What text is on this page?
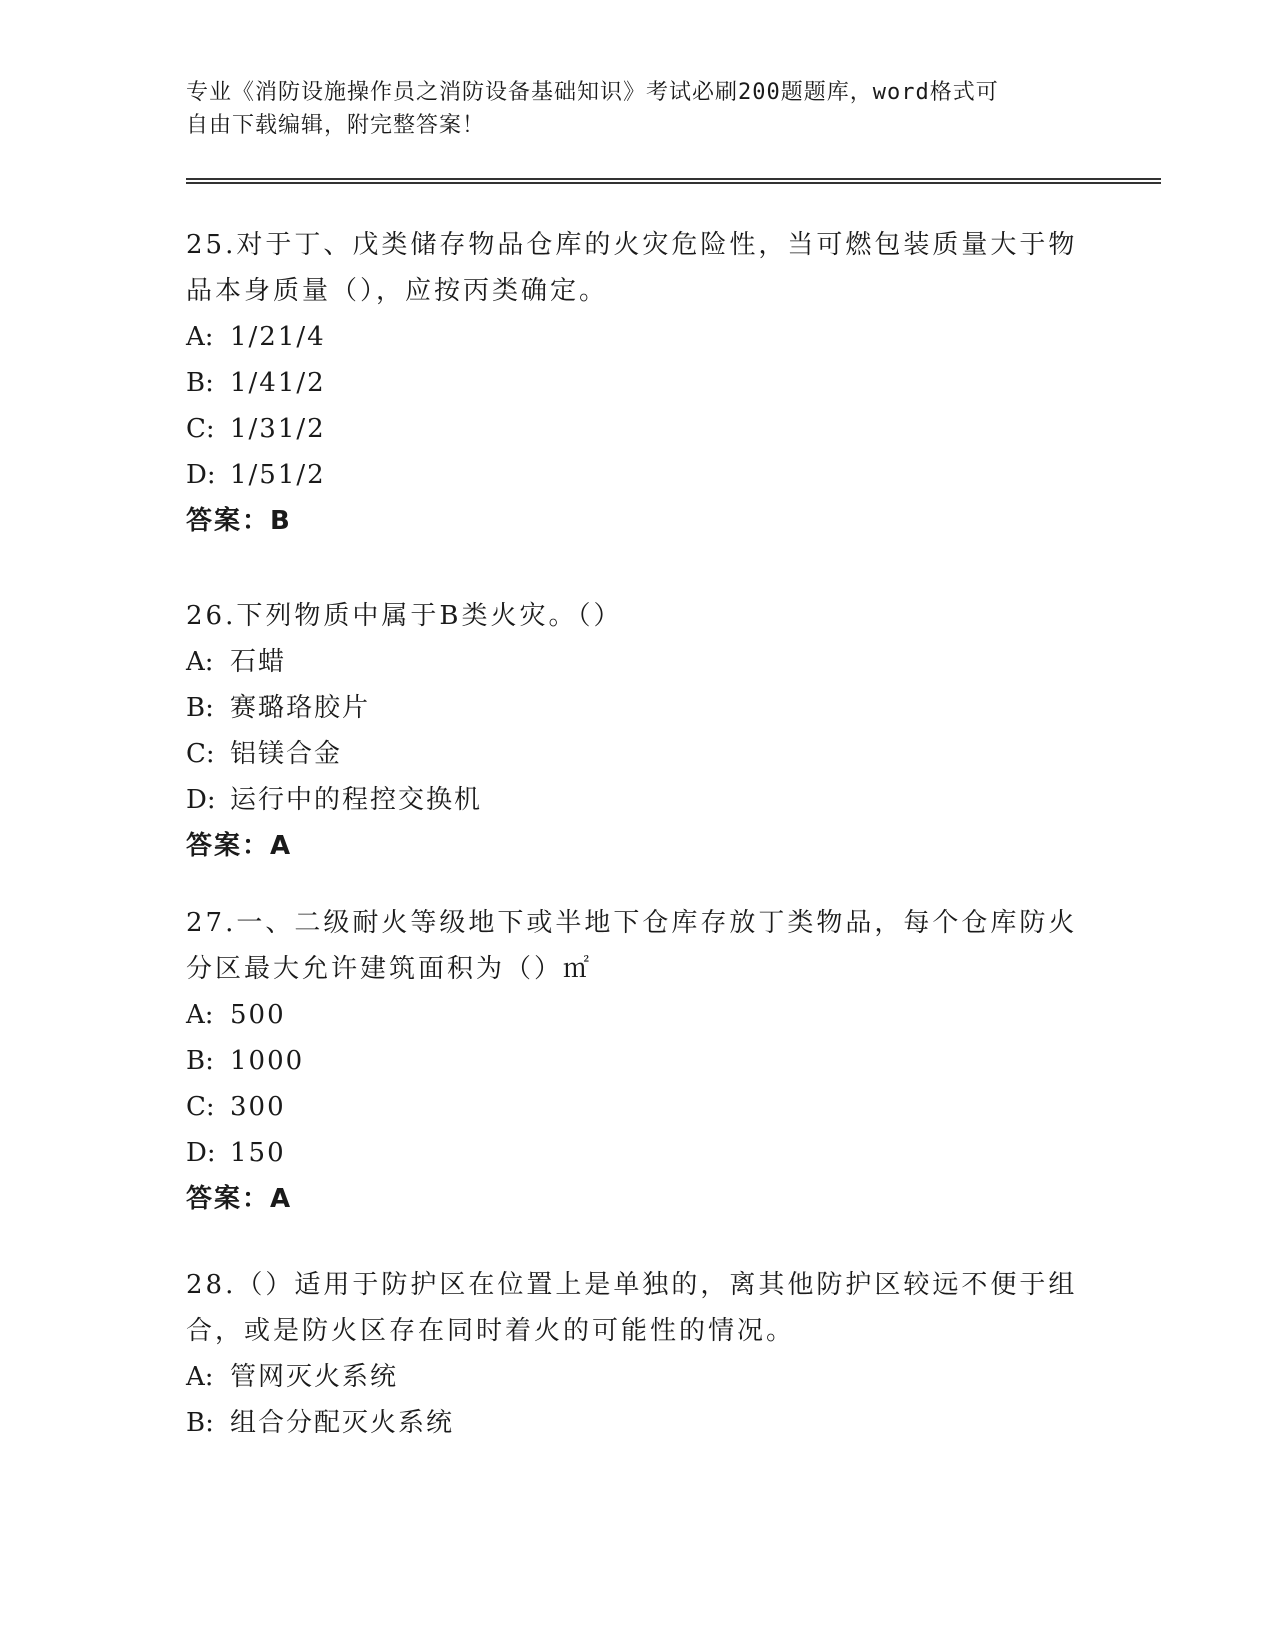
专业《消防设施操作员之消防设备基础知识》考试必刷200题题库，word格式可
自由下载编辑，附完整答案！
25.对于丁、戊类储存物品仓库的火灾危险性，当可燃包装质量大于物品本身质量（），应按丙类确定。
A: 1/21/4
B: 1/41/2
C: 1/31/2
D: 1/51/2
答案：B
26.下列物质中属于B类火灾。（）
A: 石蜡
B: 赛璐珞胶片
C: 铝镁合金
D: 运行中的程控交换机
答案：A
27.一、二级耐火等级地下或半地下仓库存放丁类物品，每个仓库防火分区最大允许建筑面积为（）㎡
A: 500
B: 1000
C: 300
D: 150
答案：A
28.（）适用于防护区在位置上是单独的，离其他防护区较远不便于组合，或是防火区存在同时着火的可能性的情况。
A: 管网灭火系统
B: 组合分配灭火系统
